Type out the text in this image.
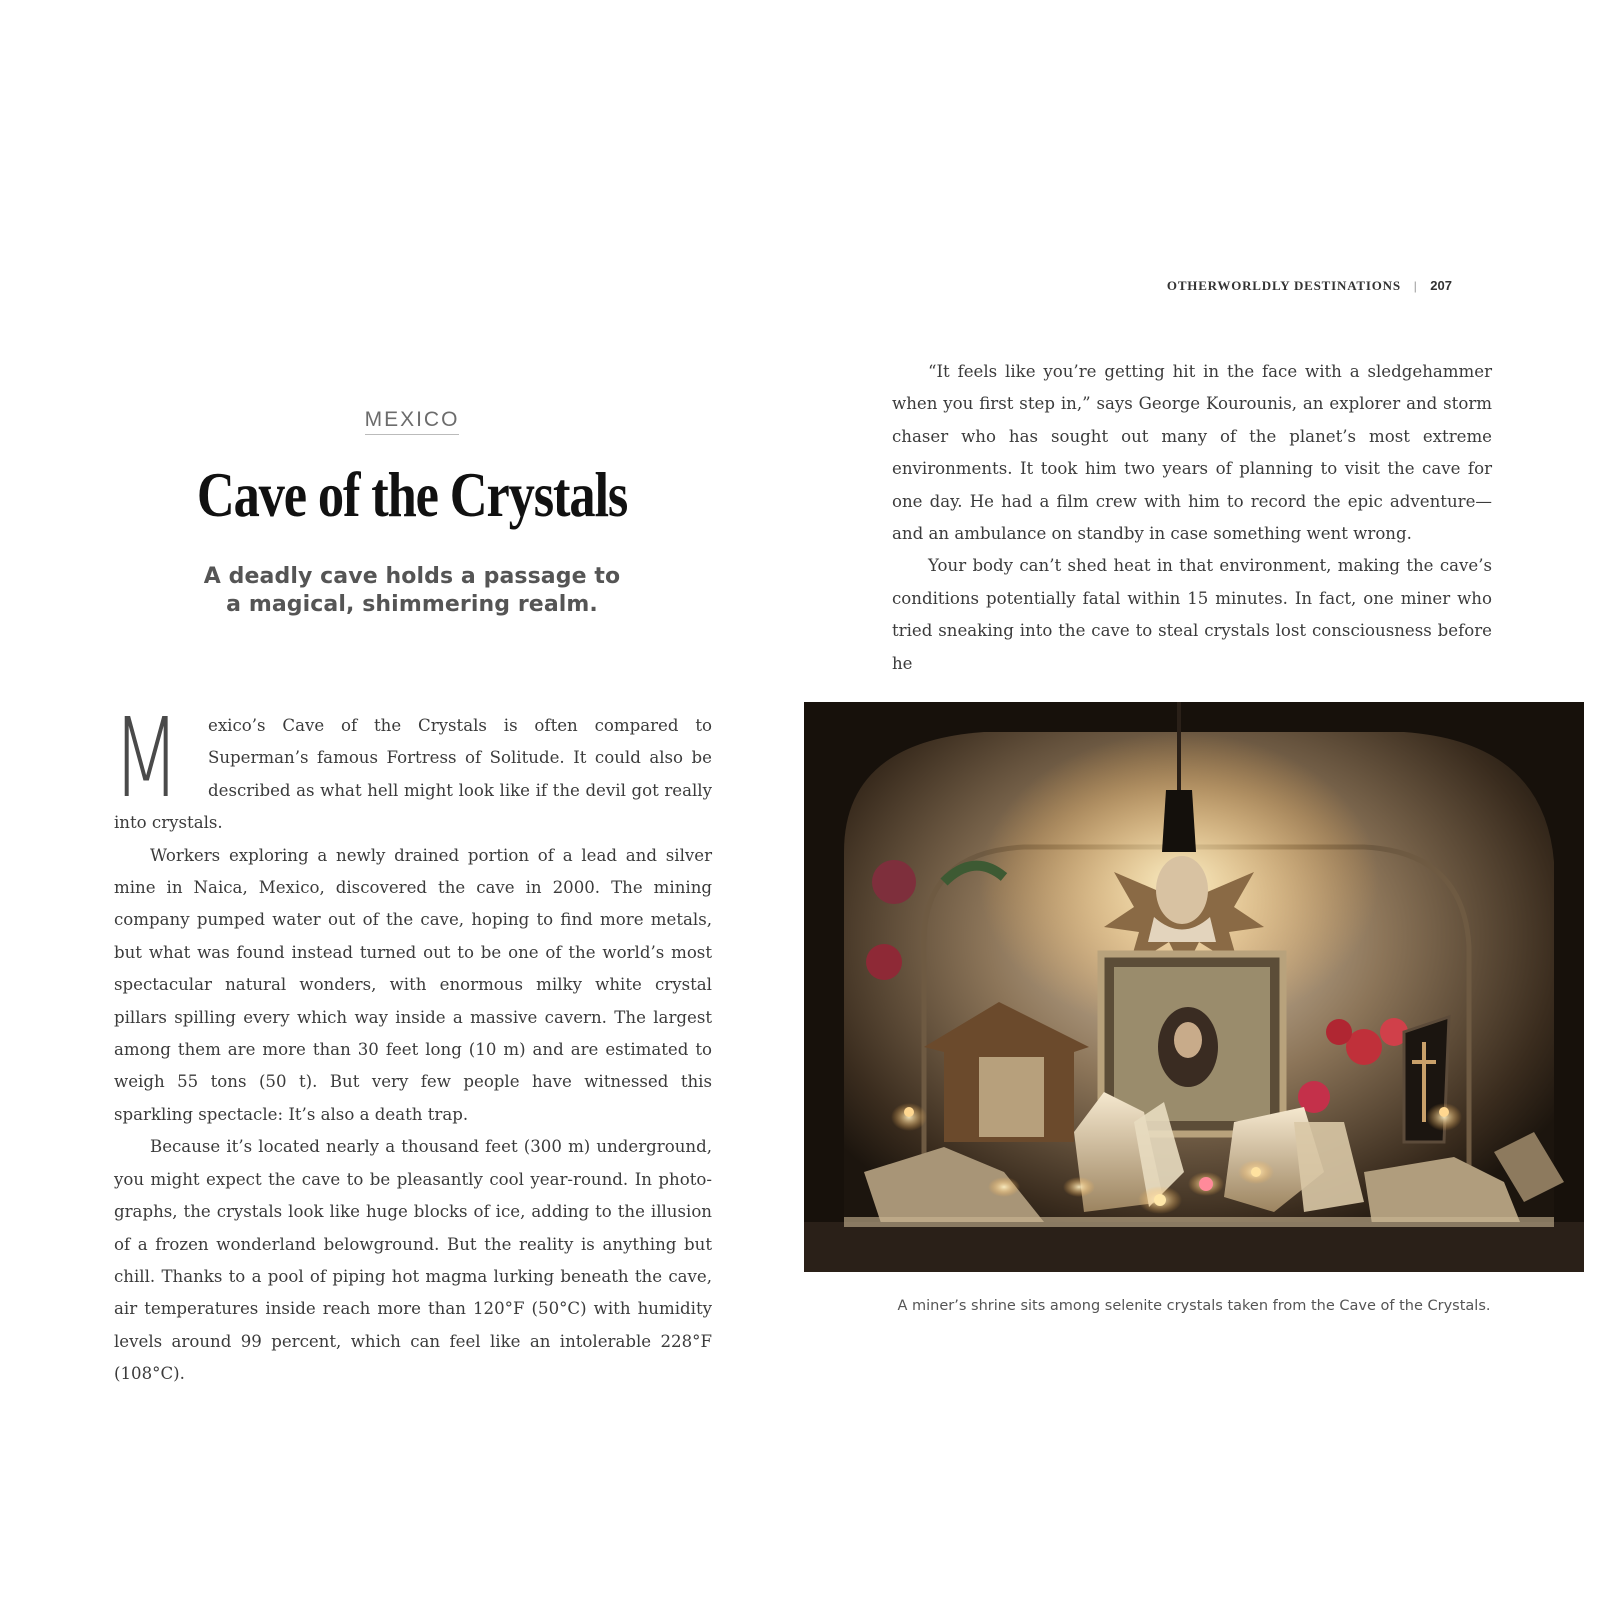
OTHERWORLDLY DESTINATIONS | 207
MEXICO
Cave of the Crystals
A deadly cave holds a passage to a magical, shimmering realm.

M exico’s Cave of the Crystals is often compared to Superman’s famous Fortress of Solitude. It could also be described as what hell might look like if the devil got really into crystals.

Workers exploring a newly drained portion of a lead and silver mine in Naica, Mexico, discovered the cave in 2000. The mining company pumped water out of the cave, hoping to find more metals, but what was found instead turned out to be one of the world’s most spectacular natural wonders, with enormous milky white crystal pillars spilling every which way inside a massive cavern. The largest among them are more than 30 feet long (10 m) and are estimated to weigh 55 tons (50 t). But very few people have witnessed this sparkling spectacle: It’s also a death trap.

Because it’s located nearly a thousand feet (300 m) underground, you might expect the cave to be pleasantly cool year-round. In photo-graphs, the crystals look like huge blocks of ice, adding to the illusion of a frozen wonderland belowground. But the reality is anything but chill. Thanks to a pool of piping hot magma lurking beneath the cave, air temperatures inside reach more than 120°F (50°C) with humidity levels around 99 percent, which can feel like an intolerable 228°F (108°C).

“It feels like you’re getting hit in the face with a sledgehammer when you first step in,” says George Kourounis, an explorer and storm chaser who has sought out many of the planet’s most extreme environments. It took him two years of planning to visit the cave for one day. He had a film crew with him to record the epic adventure—and an ambulance on standby in case something went wrong.

Your body can’t shed heat in that environment, making the cave’s conditions potentially fatal within 15 minutes. In fact, one miner who tried sneaking into the cave to steal crystals lost consciousness before he

A miner’s shrine sits among selenite crystals taken from the Cave of the Crystals.
